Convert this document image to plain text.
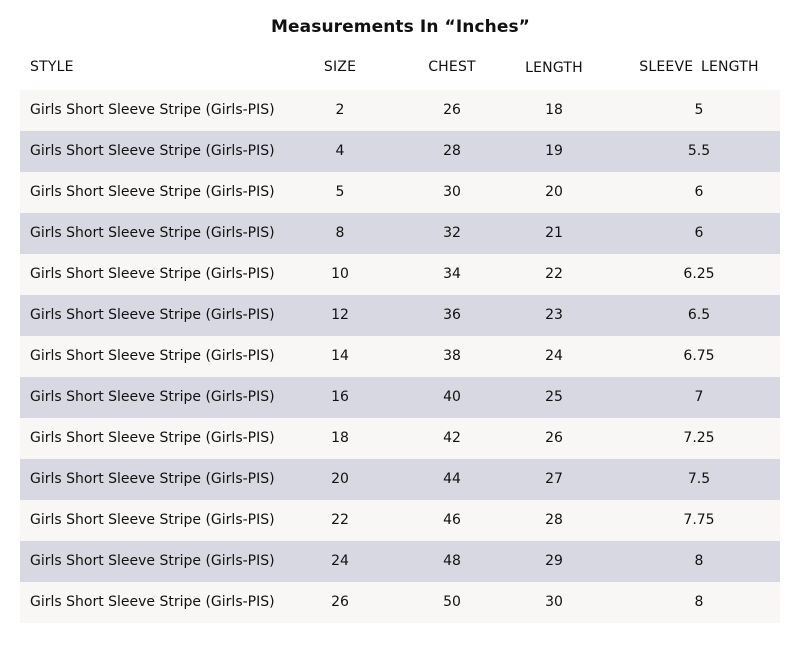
Measurements In “Inches”
STYLE	SIZE	CHEST	LENGTH	SLEEVE LENGTH
Girls Short Sleeve Stripe (Girls-PIS)	2	26	18	5
Girls Short Sleeve Stripe (Girls-PIS)	4	28	19	5.5
Girls Short Sleeve Stripe (Girls-PIS)	5	30	20	6
Girls Short Sleeve Stripe (Girls-PIS)	8	32	21	6
Girls Short Sleeve Stripe (Girls-PIS)	10	34	22	6.25
Girls Short Sleeve Stripe (Girls-PIS)	12	36	23	6.5
Girls Short Sleeve Stripe (Girls-PIS)	14	38	24	6.75
Girls Short Sleeve Stripe (Girls-PIS)	16	40	25	7
Girls Short Sleeve Stripe (Girls-PIS)	18	42	26	7.25
Girls Short Sleeve Stripe (Girls-PIS)	20	44	27	7.5
Girls Short Sleeve Stripe (Girls-PIS)	22	46	28	7.75
Girls Short Sleeve Stripe (Girls-PIS)	24	48	29	8
Girls Short Sleeve Stripe (Girls-PIS)	26	50	30	8
